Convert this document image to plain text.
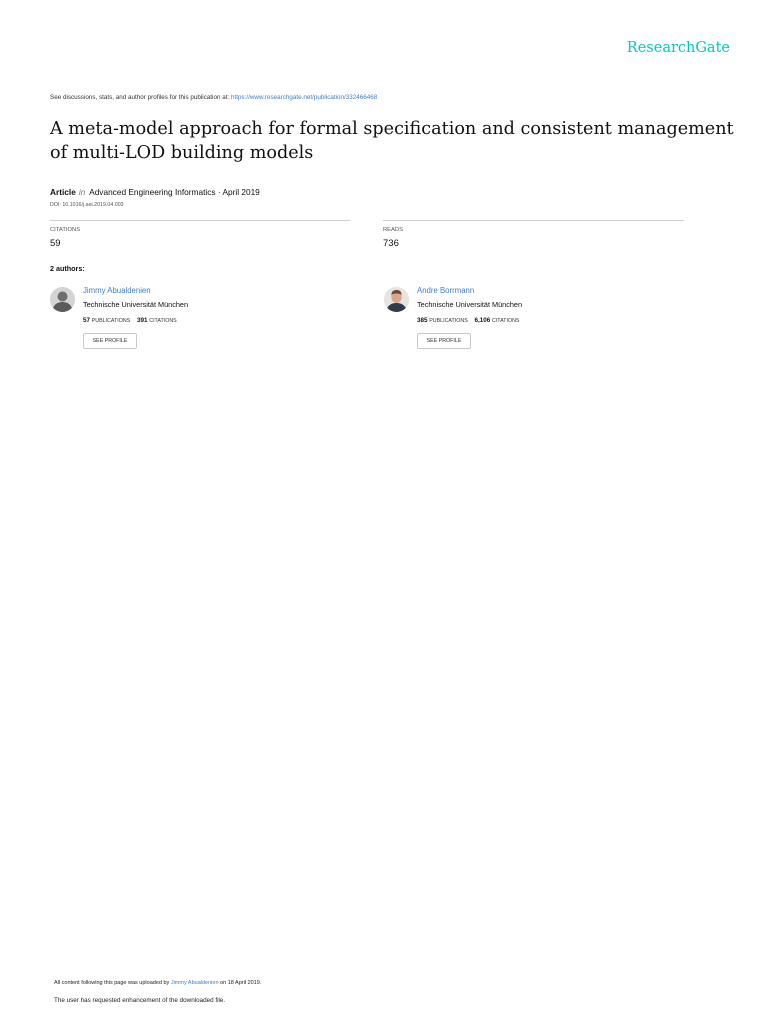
ResearchGate
See discussions, stats, and author profiles for this publication at: https://www.researchgate.net/publication/332466468
A meta-model approach for formal specification and consistent management of multi-LOD building models
Article in Advanced Engineering Informatics · April 2019
DOI: 10.1016/j.aei.2019.04.003
CITATIONS
59
READS
736
2 authors:
Jimmy Abualdenien
Technische Universität München
57 PUBLICATIONS 391 CITATIONS
SEE PROFILE
Andre Borrmann
Technische Universität München
385 PUBLICATIONS 6,106 CITATIONS
SEE PROFILE
All content following this page was uploaded by Jimmy Abualdenien on 18 April 2019.
The user has requested enhancement of the downloaded file.
